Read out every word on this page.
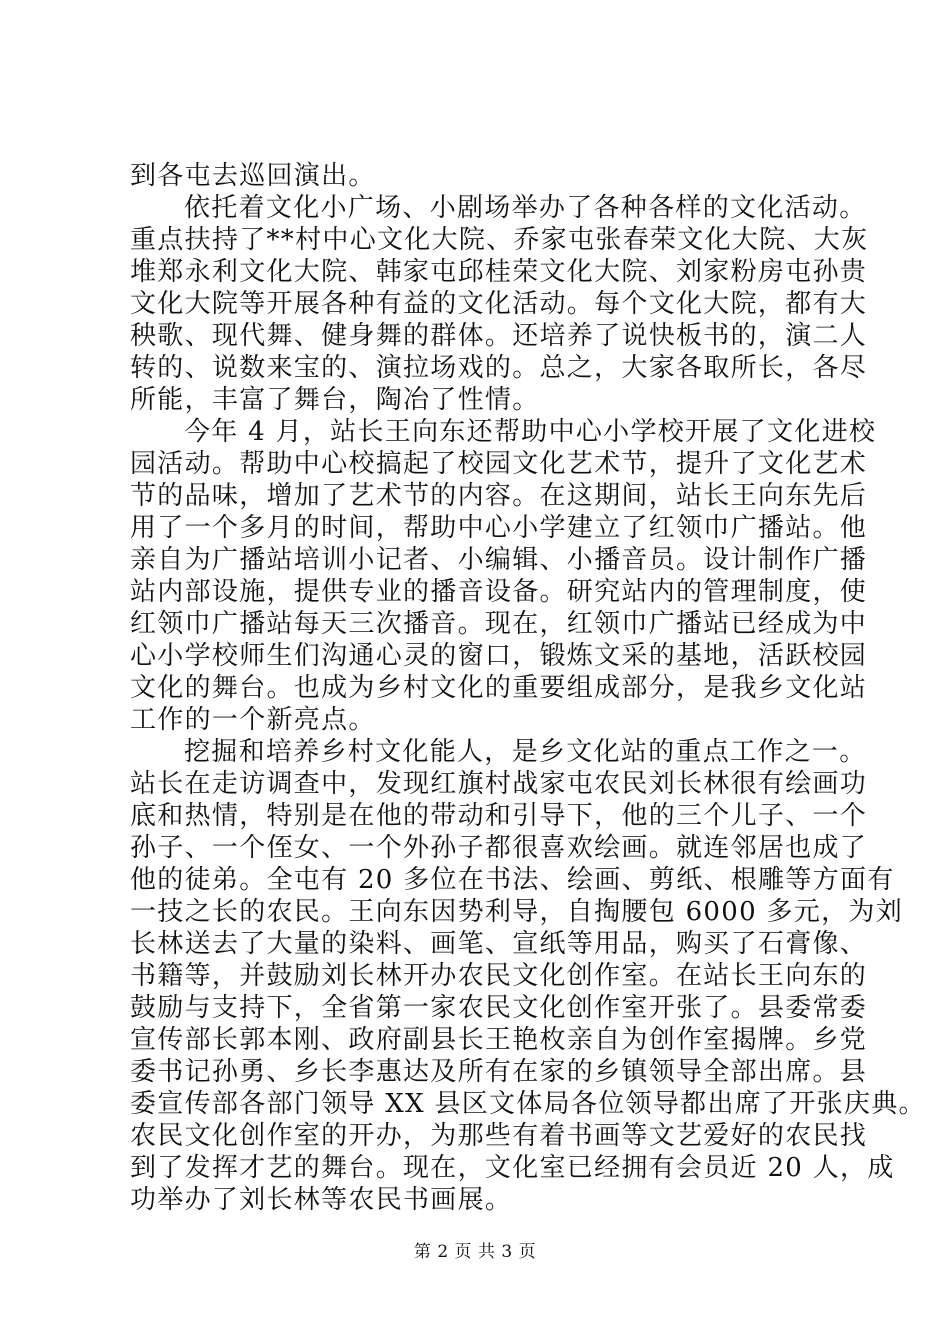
到各屯去巡回演出。
依托着文化小广场、小剧场举办了各种各样的文化活动。
重点扶持了**村中心文化大院、乔家屯张春荣文化大院、大灰
堆郑永利文化大院、韩家屯邱桂荣文化大院、刘家粉房屯孙贵
文化大院等开展各种有益的文化活动。每个文化大院，都有大
秧歌、现代舞、健身舞的群体。还培养了说快板书的，演二人
转的、说数来宝的、演拉场戏的。总之，大家各取所长，各尽
所能，丰富了舞台，陶冶了性情。
今年 4 月，站长王向东还帮助中心小学校开展了文化进校
园活动。帮助中心校搞起了校园文化艺术节，提升了文化艺术
节的品味，增加了艺术节的内容。在这期间，站长王向东先后
用了一个多月的时间，帮助中心小学建立了红领巾广播站。他
亲自为广播站培训小记者、小编辑、小播音员。设计制作广播
站内部设施，提供专业的播音设备。研究站内的管理制度，使
红领巾广播站每天三次播音。现在，红领巾广播站已经成为中
心小学校师生们沟通心灵的窗口，锻炼文采的基地，活跃校园
文化的舞台。也成为乡村文化的重要组成部分，是我乡文化站
工作的一个新亮点。
挖掘和培养乡村文化能人，是乡文化站的重点工作之一。
站长在走访调查中，发现红旗村战家屯农民刘长林很有绘画功
底和热情，特别是在他的带动和引导下，他的三个儿子、一个
孙子、一个侄女、一个外孙子都很喜欢绘画。就连邻居也成了
他的徒弟。全屯有 20 多位在书法、绘画、剪纸、根雕等方面有
一技之长的农民。王向东因势利导，自掏腰包 6000 多元，为刘
长林送去了大量的染料、画笔、宣纸等用品，购买了石膏像、
书籍等，并鼓励刘长林开办农民文化创作室。在站长王向东的
鼓励与支持下，全省第一家农民文化创作室开张了。县委常委
宣传部长郭本刚、政府副县长王艳枚亲自为创作室揭牌。乡党
委书记孙勇、乡长李惠达及所有在家的乡镇领导全部出席。县
委宣传部各部门领导 XX 县区文体局各位领导都出席了开张庆典。
农民文化创作室的开办，为那些有着书画等文艺爱好的农民找
到了发挥才艺的舞台。现在，文化室已经拥有会员近 20 人，成
功举办了刘长林等农民书画展。
第 2 页 共 3 页
